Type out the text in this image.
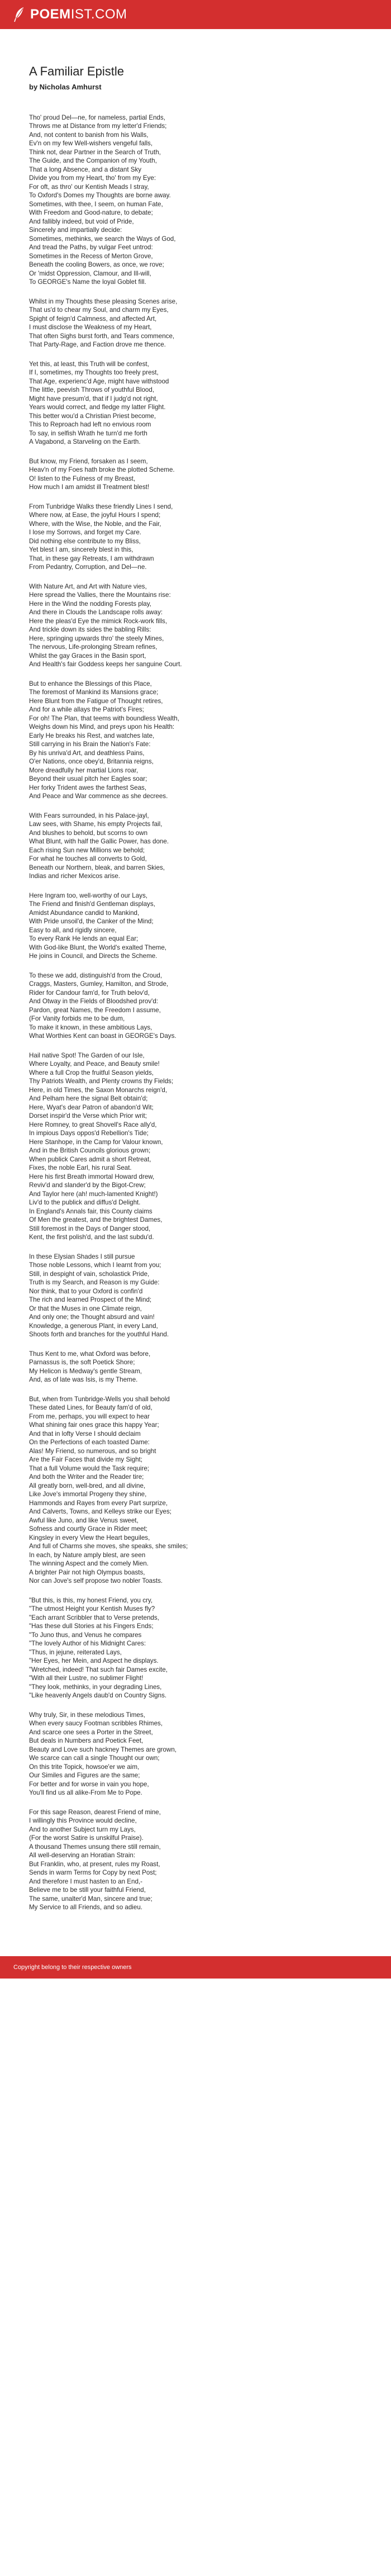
POEM IST.COM
A Familiar Epistle

by Nicholas Amhurst

Tho' proud Del—ne, for nameless, partial Ends,
Throws me at Distance from my letter'd Friends;
And, not content to banish from his Walls,
Ev'n on my few Well-wishers vengeful falls,
Think not, dear Partner in the Search of Truth,
The Guide, and the Companion of my Youth,
That a long Absence, and a distant Sky
Divide you from my Heart, tho' from my Eye:
For oft, as thro' our Kentish Meads I stray,
To Oxford's Domes my Thoughts are borne away.
Sometimes, with thee, I seem, on human Fate,
With Freedom and Good-nature, to debate;
And fallibly indeed, but void of Pride,
Sincerely and impartially decide:
Sometimes, methinks, we search the Ways of God,
And tread the Paths, by vulgar Feet untrod:
Sometimes in the Recess of Merton Grove,
Beneath the cooling Bowers, as once, we rove;
Or 'midst Oppression, Clamour, and Ill-will,
To GEORGE's Name the loyal Goblet fill.
Whilst in my Thoughts these pleasing Scenes arise,
That us'd to chear my Soul, and charm my Eyes,
Spight of feign'd Calmness, and affected Art,
I must disclose the Weakness of my Heart,
That often Sighs burst forth, and Tears commence,
That Party-Rage, and Faction drove me thence.
Yet this, at least, this Truth will be confest,
If I, sometimes, my Thoughts too freely prest,
That Age, experienc'd Age, might have withstood
The little, peevish Throws of youthful Blood,
Might have presum'd, that if I judg'd not right,
Years would correct, and fledge my latter Flight.
This better wou'd a Christian Priest become,
This to Reproach had left no envious room
To say, in selfish Wrath he turn'd me forth
A Vagabond, a Starveling on the Earth.
But know, my Friend, forsaken as I seem,
Heav'n of my Foes hath broke the plotted Scheme.
O! listen to the Fulness of my Breast,
How much I am amidst ill Treatment blest!
From Tunbridge Walks these friendly Lines I send,
Where now, at Ease, the joyful Hours I spend;
Where, with the Wise, the Noble, and the Fair,
I lose my Sorrows, and forget my Care.
Did nothing else contribute to my Bliss,
Yet blest I am, sincerely blest in this,
That, in these gay Retreats, I am withdrawn
From Pedantry, Corruption, and Del—ne.
With Nature Art, and Art with Nature vies,
Here spread the Vallies, there the Mountains rise:
Here in the Wind the nodding Forests play,
And there in Clouds the Landscape rolls away:
Here the pleas'd Eye the mimick Rock-work fills,
And trickle down its sides the babling Rills:
Here, springing upwards thro' the steely Mines,
The nervous, Life-prolonging Stream refines,
Whilst the gay Graces in the Basin sport,
And Health's fair Goddess keeps her sanguine Court.
But to enhance the Blessings of this Place,
The foremost of Mankind its Mansions grace;
Here Blunt from the Fatigue of Thought retires,
And for a while allays the Patriot's Fires;
For oh! The Plan, that teems with boundless Wealth,
Weighs down his Mind, and preys upon his Health:
Early He breaks his Rest, and watches late,
Still carrying in his Brain the Nation's Fate:
By his unriva'd Art, and deathless Pains,
O'er Nations, once obey'd, Britannia reigns,
More dreadfully her martial Lions roar,
Beyond their usual pitch her Eagles soar;
Her forky Trident awes the farthest Seas,
And Peace and War commence as she decrees.
With Fears surrounded, in his Palace-jayl,
Law sees, with Shame, his empty Projects fail,
And blushes to behold, but scorns to own
What Blunt, with half the Gallic Power, has done.
Each rising Sun new Millions we behold;
For what he touches all converts to Gold,
Beneath our Northern, bleak, and barren Skies,
Indias and richer Mexicos arise.
Here Ingram too, well-worthy of our Lays,
The Friend and finish'd Gentleman displays,
Amidst Abundance candid to Mankind,
With Pride unsoil'd, the Canker of the Mind;
Easy to all, and rigidly sincere,
To every Rank He lends an equal Ear;
With God-like Blunt, the World's exalted Theme,
He joins in Council, and Directs the Scheme.
To these we add, distinguish'd from the Croud,
Craggs, Masters, Gumley, Hamilton, and Strode,
Rider for Candour fam'd, for Truth belov'd,
And Otway in the Fields of Bloodshed prov'd:
Pardon, great Names, the Freedom I assume,
(For Vanity forbids me to be dum,
To make it known, in these ambitious Lays,
What Worthies Kent can boast in GEORGE's Days.
Hail native Spot! The Garden of our Isle,
Where Loyalty, and Peace, and Beauty smile!
Where a full Crop the fruitful Season yields,
Thy Patriots Wealth, and Plenty crowns thy Fields;
Here, in old Times, the Saxon Monarchs reign'd,
And Pelham here the signal Belt obtain'd;
Here, Wyat's dear Patron of abandon'd Wit;
Dorset inspir'd the Verse which Prior writ;
Here Romney, to great Shovell's Race ally'd,
In impious Days oppos'd Rebellion's Tide;
Here Stanhope, in the Camp for Valour known,
And in the British Councils glorious grown;
When publick Cares admit a short Retreat,
Fixes, the noble Earl, his rural Seat.
Here his first Breath immortal Howard drew,
Reviv'd and slander'd by the Bigot-Crew;
And Taylor here (ah! much-lamented Knight!)
Liv'd to the publick and diffus'd Delight.
In England's Annals fair, this County claims
Of Men the greatest, and the brightest Dames,
Still foremost in the Days of Danger stood,
Kent, the first polish'd, and the last subdu'd.
In these Elysian Shades I still pursue
Those noble Lessons, which I learnt from you;
Still, in despight of vain, scholastick Pride,
Truth is my Search, and Reason is my Guide:
Nor think, that to your Oxford is confin'd
The rich and learned Prospect of the Mind;
Or that the Muses in one Climate reign,
And only one; the Thought absurd and vain!
Knowledge, a generous Plant, in every Land,
Shoots forth and branches for the youthful Hand.
Thus Kent to me, what Oxford was before,
Parnassus is, the soft Poetick Shore;
My Helicon is Medway's gentle Stream,
And, as of late was Isis, is my Theme.
But, when from Tunbridge-Wells you shall behold
These dated Lines, for Beauty fam'd of old,
From me, perhaps, you will expect to hear
What shining fair ones grace this happy Year;
And that in lofty Verse I should declaim
On the Perfections of each toasted Dame:
Alas! My Friend, so numerous, and so bright
Are the Fair Faces that divide my Sight;
That a full Volume would the Task require;
And both the Writer and the Reader tire;
All greatly born, well-bred, and all divine,
Like Jove's immortal Progeny they shine,
Hammonds and Rayes from every Part surprize,
And Calverts, Towns, and Kelleys strike our Eyes;
Awful like Juno, and like Venus sweet,
Sofness and courtly Grace in Rider meet;
Kingsley in every View the Heart beguiles,
And full of Charms she moves, she speaks, she smiles;
In each, by Nature amply blest, are seen
The winning Aspect and the comely Mien.
A brighter Pair not high Olympus boasts,
Nor can Jove's self propose two nobler Toasts.
"But this, is this, my honest Friend, you cry,
"The utmost Height your Kentish Muses fly?
"Each arrant Scribbler that to Verse pretends,
"Has these dull Stories at his Fingers Ends;
"To Juno thus, and Venus he compares
"The lovely Author of his Midnight Cares:
"Thus, in jejune, reiterated Lays,
"Her Eyes, her Mein, and Aspect he displays.
"Wretched, indeed! That such fair Dames excite,
"With all their Lustre, no sublimer Flight!
"They look, methinks, in your degrading Lines,
"Like heavenly Angels daub'd on Country Signs.
Why truly, Sir, in these melodious Times,
When every saucy Footman scribbles Rhimes,
And scarce one sees a Porter in the Street,
But deals in Numbers and Poetick Feet,
Beauty and Love such hackney Themes are grown,
We scarce can call a single Thought our own;
On this trite Topick, howsoe'er we aim,
Our Similes and Figures are the same;
For better and for worse in vain you hope,
You'll find us all alike-From Me to Pope.
For this sage Reason, dearest Friend of mine,
I willingly this Province would decline,
And to another Subject turn my Lays,
(For the worst Satire is unskilful Praise).
A thousand Themes unsung there still remain,
All well-deserving an Horatian Strain:
But Franklin, who, at present, rules my Roast,
Sends in warm Terms for Copy by next Post;
And therefore I must hasten to an End,-
Believe me to be still your faithful Friend,
The same, unalter'd Man, sincere and true;
My Service to all Friends, and so adieu.
Copyright belong to their respective owners
